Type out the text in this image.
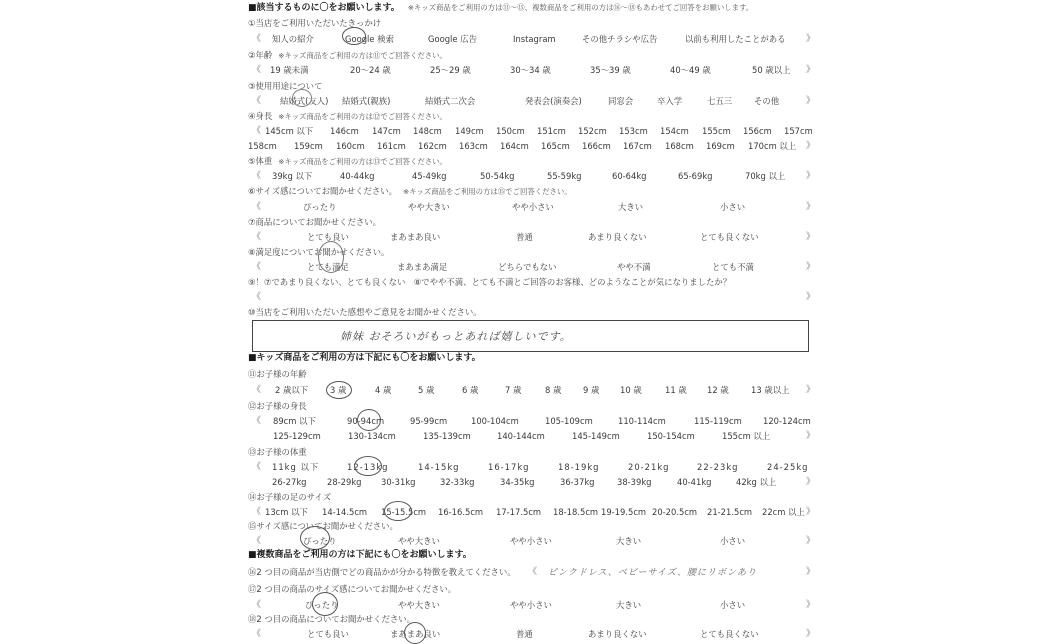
■該当するものに〇をお願いします。 ※キッズ商品をご利用の方は⑪〜⑮、複数商品をご利用の方は⑯〜⑱もあわせてご回答をお願いします。
①当店をご利用いただいたきっかけ
《 知人の紹介	Google 検索	Google 広告	Instagram	その他チラシや広告	以前も利用したことがある 》
②年齢 ※キッズ商品をご利用の方は⑪でご回答ください。
《 19 歳未満	20〜24 歳	25〜29 歳	30〜34 歳	35〜39 歳	40〜49 歳	50 歳以上 》
③使用用途について
《 結婚式(友人) 結婚式(親族)	結婚式二次会	発表会(演奏会)	同窓会	卒入学	七五三	その他	》
④身長 ※キッズ商品をご利用の方は⑫でご回答ください。
《 145cm 以下 146cm 147cm 148cm 149cm 150cm 151cm 152cm 153cm 154cm 155cm 156cm 157cm
158cm 159cm 160cm 161cm 162cm 163cm 164cm 165cm 166cm 167cm 168cm 169cm 170cm 以上 》
⑤体重 ※キッズ商品をご利用の方は⑬でご回答ください。
《 39kg 以下	40-44kg	45-49kg	50-54kg	55-59kg	60-64kg	65-69kg	70kg 以上 》
⑥サイズ感についてお聞かせください。 ※キッズ商品をご利用の方は⑮でご回答ください。
《	ぴったり	やや大きい	やや小さい	大きい	小さい	》
⑦商品についてお聞かせください。
《	とても良い	まあまあ良い	普通	あまり良くない	とても良くない	》
⑧満足度についてお聞かせください。
《	とても満足	まあまあ満足	どちらでもない	やや不満	とても不満	》
⑨！⑦であまり良くない、とても良くない　⑧でやや不満、とても不満とご回答のお客様、どのようなことが気になりましたか？
《	》
⑩当店をご利用いただいた感想やご意見をお聞かせください。
姉妹 おそろいがもっとあれば嬉しいです。
■キッズ商品をご利用の方は下記にも〇をお願いします。
⑪お子様の年齢
《 2 歳以下	3 歳	4 歳	5 歳	6 歳	7 歳	8 歳	9 歳 10 歳	11 歳 12 歳	13 歳以上 》
⑫お子様の身長
《 89cm 以下	90-94cm	95-99cm	100-104cm	105-109cm	110-114cm	115-119cm	120-124cm
125-129cm	130-134cm	135-139cm	140-144cm	145-149cm	150-154cm	155cm 以上	》
⑬お子様の体重
《 11kg 以下	12-13kg	14-15kg	16-17kg	18-19kg	20-21kg	22-23kg	24-25kg
26-27kg 28-29kg 30-31kg	32-33kg	34-35kg	36-37kg	38-39kg	40-41kg	42kg 以上	》
⑭お子様の足のサイズ
《 13cm 以下 14-14.5cm 15-15.5cm 16-16.5cm 17-17.5cm 18-18.5cm 19-19.5cm 20-20.5cm 21-21.5cm 22cm 以上 》
⑮サイズ感についてお聞かせください。
《	ぴったり	やや大きい	やや小さい	大きい	小さい	》
■複数商品をご利用の方は下記にも〇をお願いします。
⑯2 つ目の商品が当店側でどの商品かが分かる特徴を教えてください。 《 ピンクドレス、ベビーサイズ、腰にリボンあり	》
⑰2 つ目の商品のサイズ感についてお聞かせください。
《	ぴったり	やや大きい	やや小さい	大きい	小さい	》
⑱2 つ目の商品についてお聞かせください。
《	とても良い	まあまあ良い	普通	あまり良くない	とても良くない	》
